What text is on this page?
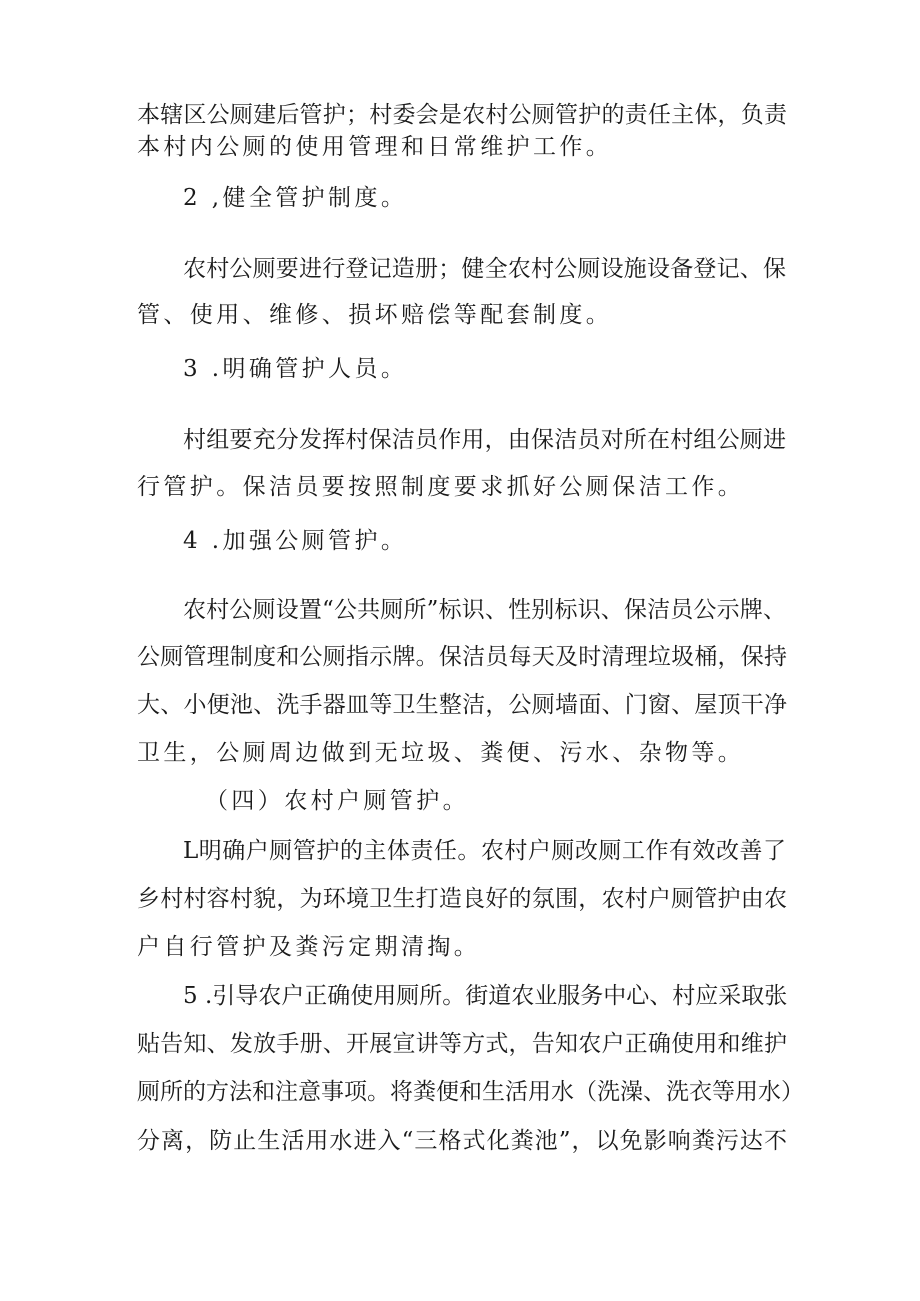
本辖区公厕建后管护；村委会是农村公厕管护的责任主体，负责
本村内公厕的使用管理和日常维护工作。
2 ,健全管护制度。
农村公厕要进行登记造册；健全农村公厕设施设备登记、保
管、使用、维修、损坏赔偿等配套制度。
3 .明确管护人员。
村组要充分发挥村保洁员作用，由保洁员对所在村组公厕进
行管护。保洁员要按照制度要求抓好公厕保洁工作。
4 .加强公厕管护。
农村公厕设置“公共厕所”标识、性别标识、保洁员公示牌、
公厕管理制度和公厕指示牌。保洁员每天及时清理垃圾桶，保持
大、小便池、洗手器皿等卫生整洁，公厕墙面、门窗、屋顶干净
卫生，公厕周边做到无垃圾、粪便、污水、杂物等。
（四）农村户厕管护。
L明确户厕管护的主体责任。农村户厕改厕工作有效改善了
乡村村容村貌，为环境卫生打造良好的氛围，农村户厕管护由农
户自行管护及粪污定期清掏。
5 .引导农户正确使用厕所。街道农业服务中心、村应采取张
贴告知、发放手册、开展宣讲等方式，告知农户正确使用和维护
厕所的方法和注意事项。将粪便和生活用水（洗澡、洗衣等用水）
分离，防止生活用水进入“三格式化粪池”，以免影响粪污达不
